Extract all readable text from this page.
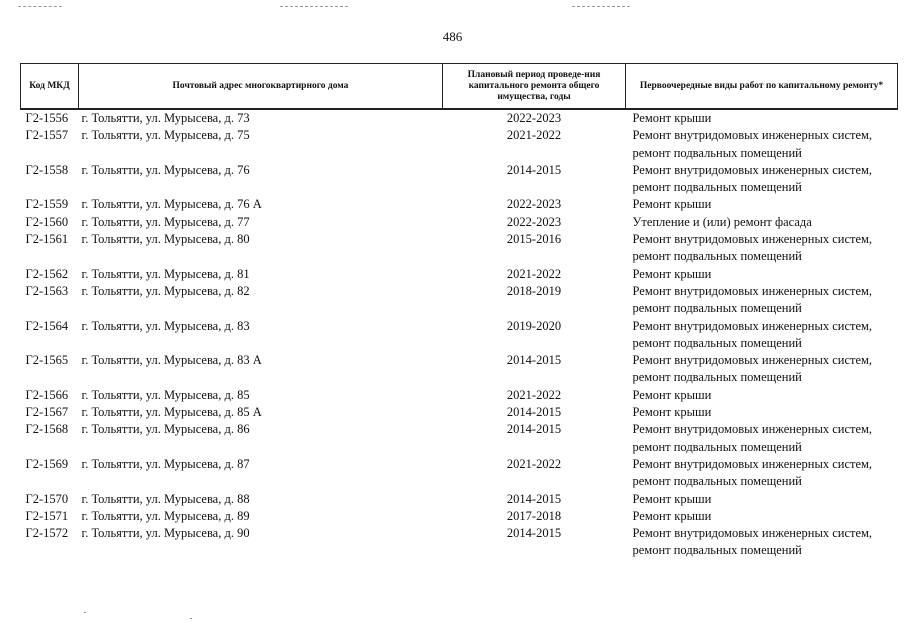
486
Код МКД	Почтовый адрес многоквартирного дома	Плановый период проведе-ния капитального ремонта общего имущества, годы	Первоочередные виды работ по капитальному ремонту*
Г2-1556	г. Тольятти, ул. Мурысева, д. 73	2022-2023	Ремонт крыши

Г2-1557	г. Тольятти, ул. Мурысева, д. 75	2021-2022	Ремонт внутридомовых инженерных систем,
ремонт подвальных помещений

Г2-1558	г. Тольятти, ул. Мурысева, д. 76	2014-2015	Ремонт внутридомовых инженерных систем,
ремонт подвальных помещений

Г2-1559	г. Тольятти, ул. Мурысева, д. 76 А	2022-2023	Ремонт крыши

Г2-1560	г. Тольятти, ул. Мурысева, д. 77	2022-2023	Утепление и (или) ремонт фасада

Г2-1561	г. Тольятти, ул. Мурысева, д. 80	2015-2016	Ремонт внутридомовых инженерных систем,
ремонт подвальных помещений

Г2-1562	г. Тольятти, ул. Мурысева, д. 81	2021-2022	Ремонт крыши

Г2-1563	г. Тольятти, ул. Мурысева, д. 82	2018-2019	Ремонт внутридомовых инженерных систем,
ремонт подвальных помещений

Г2-1564	г. Тольятти, ул. Мурысева, д. 83	2019-2020	Ремонт внутридомовых инженерных систем,
ремонт подвальных помещений

Г2-1565	г. Тольятти, ул. Мурысева, д. 83 А	2014-2015	Ремонт внутридомовых инженерных систем,
ремонт подвальных помещений

Г2-1566	г. Тольятти, ул. Мурысева, д. 85	2021-2022	Ремонт крыши

Г2-1567	г. Тольятти, ул. Мурысева, д. 85 А	2014-2015	Ремонт крыши

Г2-1568	г. Тольятти, ул. Мурысева, д. 86	2014-2015	Ремонт внутридомовых инженерных систем,
ремонт подвальных помещений

Г2-1569	г. Тольятти, ул. Мурысева, д. 87	2021-2022	Ремонт внутридомовых инженерных систем,
ремонт подвальных помещений

Г2-1570	г. Тольятти, ул. Мурысева, д. 88	2014-2015	Ремонт крыши

Г2-1571	г. Тольятти, ул. Мурысева, д. 89	2017-2018	Ремонт крыши

Г2-1572	г. Тольятти, ул. Мурысева, д. 90	2014-2015	Ремонт внутридомовых инженерных систем,
ремонт подвальных помещений
